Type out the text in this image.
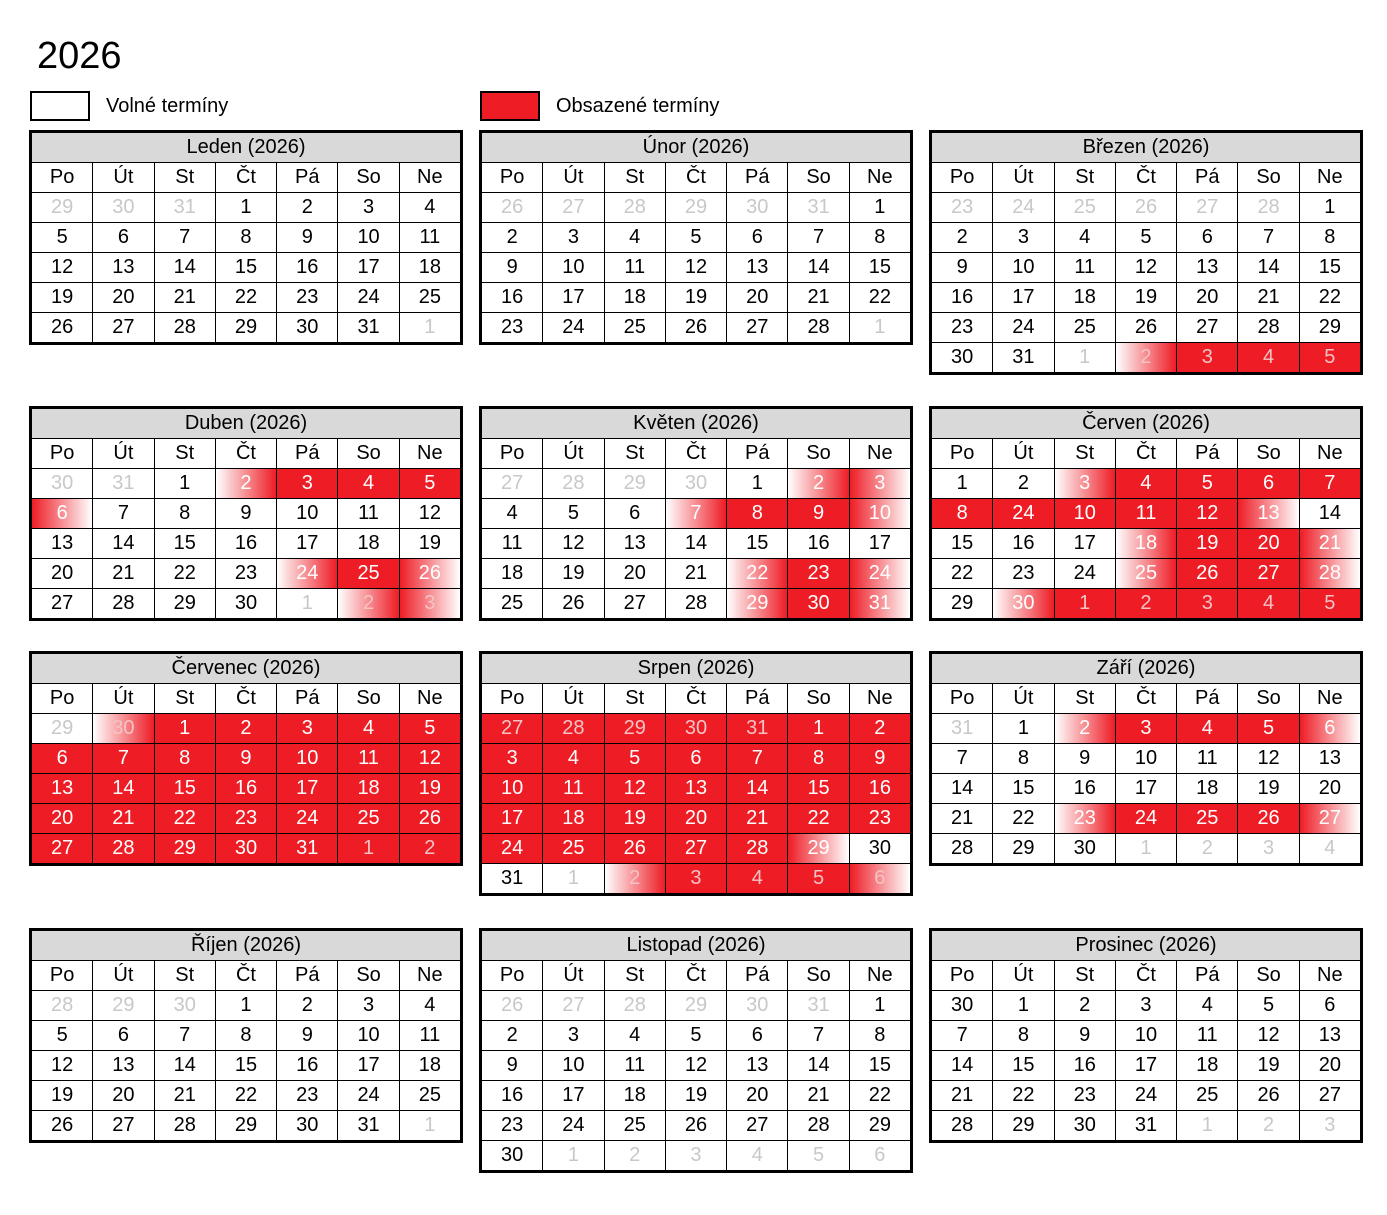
2026
Volné termíny	Obsazené termíny
Leden (2026)
Po	Út	St	Čt	Pá	So	Ne
29	30	31	1	2	3	4
5	6	7	8	9	10	11
12	13	14	15	16	17	18
19	20	21	22	23	24	25
26	27	28	29	30	31	1
Únor (2026)
Po	Út	St	Čt	Pá	So	Ne
26	27	28	29	30	31	1
2	3	4	5	6	7	8
9	10	11	12	13	14	15
16	17	18	19	20	21	22
23	24	25	26	27	28	1
Březen (2026)
Po	Út	St	Čt	Pá	So	Ne
23	24	25	26	27	28	1
2	3	4	5	6	7	8
9	10	11	12	13	14	15
16	17	18	19	20	21	22
23	24	25	26	27	28	29
30	31	1	2	3	4	5
Duben (2026)
Po	Út	St	Čt	Pá	So	Ne
30	31	1	2	3	4	5
6	7	8	9	10	11	12
13	14	15	16	17	18	19
20	21	22	23	24	25	26
27	28	29	30	1	2	3
Květen (2026)
Po	Út	St	Čt	Pá	So	Ne
27	28	29	30	1	2	3
4	5	6	7	8	9	10
11	12	13	14	15	16	17
18	19	20	21	22	23	24
25	26	27	28	29	30	31
Červen (2026)
Po	Út	St	Čt	Pá	So	Ne
1	2	3	4	5	6	7
8	24	10	11	12	13	14
15	16	17	18	19	20	21
22	23	24	25	26	27	28
29	30	1	2	3	4	5
Červenec (2026)
Po	Út	St	Čt	Pá	So	Ne
29	30	1	2	3	4	5
6	7	8	9	10	11	12
13	14	15	16	17	18	19
20	21	22	23	24	25	26
27	28	29	30	31	1	2
Srpen (2026)
Po	Út	St	Čt	Pá	So	Ne
27	28	29	30	31	1	2
3	4	5	6	7	8	9
10	11	12	13	14	15	16
17	18	19	20	21	22	23
24	25	26	27	28	29	30
31	1	2	3	4	5	6
Září (2026)
Po	Út	St	Čt	Pá	So	Ne
31	1	2	3	4	5	6
7	8	9	10	11	12	13
14	15	16	17	18	19	20
21	22	23	24	25	26	27
28	29	30	1	2	3	4
Říjen (2026)
Po	Út	St	Čt	Pá	So	Ne
28	29	30	1	2	3	4
5	6	7	8	9	10	11
12	13	14	15	16	17	18
19	20	21	22	23	24	25
26	27	28	29	30	31	1
Listopad (2026)
Po	Út	St	Čt	Pá	So	Ne
26	27	28	29	30	31	1
2	3	4	5	6	7	8
9	10	11	12	13	14	15
16	17	18	19	20	21	22
23	24	25	26	27	28	29
30	1	2	3	4	5	6
Prosinec (2026)
Po	Út	St	Čt	Pá	So	Ne
30	1	2	3	4	5	6
7	8	9	10	11	12	13
14	15	16	17	18	19	20
21	22	23	24	25	26	27
28	29	30	31	1	2	3
